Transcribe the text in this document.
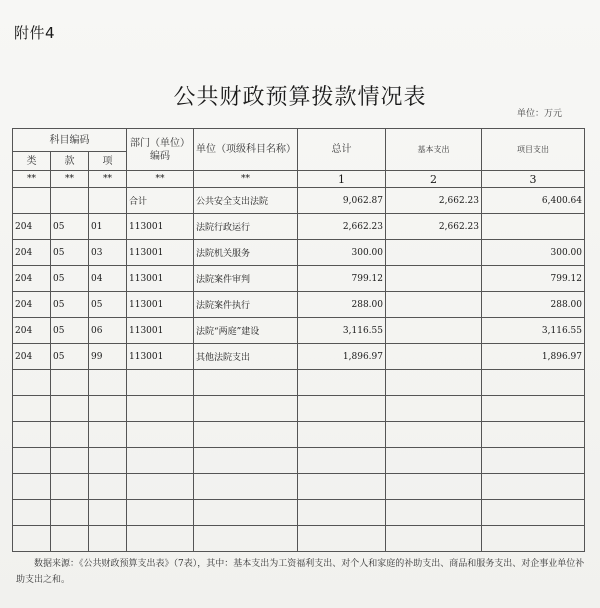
附件4
公共财政预算拨款情况表
单位：万元
科目编码			部门（单位）编码	单位（项级科目名称）	总计	基本支出	项目支出
类	款	项					
**	**	**	**	**	1	2	3
			合计	公共安全支出法院	9,062.87	2,662.23	6,400.64
204	05	01	113001	法院行政运行	2,662.23	2,662.23	
204	05	03	113001	法院机关服务	300.00		300.00
204	05	04	113001	法院案件审判	799.12		799.12
204	05	05	113001	法院案件执行	288.00		288.00
204	05	06	113001	法院“两庭”建设	3,116.55		3,116.55
204	05	99	113001	其他法院支出	1,896.97		1,896.97

数据来源：《公共财政预算支出表》（7表），其中：基本支出为工资福利支出、对个人和家庭的补助支出、商品和服务支出、对企事业单位补助支出之和。
